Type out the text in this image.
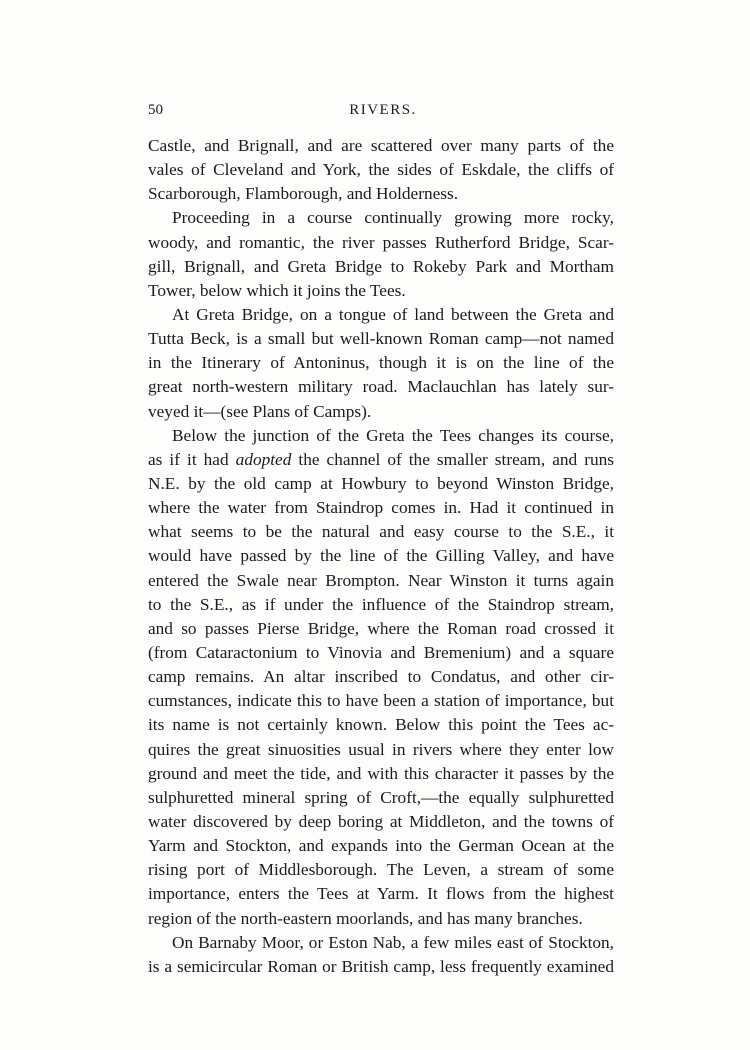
50	RIVERS.
Castle, and Brignall, and are scattered over many parts of the
vales of Cleveland and York, the sides of Eskdale, the cliffs of
Scarborough, Flamborough, and Holderness.
Proceeding in a course continually growing more rocky,
woody, and romantic, the river passes Rutherford Bridge, Scar-
gill, Brignall, and Greta Bridge to Rokeby Park and Mortham
Tower, below which it joins the Tees.
At Greta Bridge, on a tongue of land between the Greta and
Tutta Beck, is a small but well-known Roman camp—not named
in the Itinerary of Antoninus, though it is on the line of the
great north-western military road. Maclauchlan has lately sur-
veyed it—(see Plans of Camps).
Below the junction of the Greta the Tees changes its course,
as if it had adopted the channel of the smaller stream, and runs
N.E. by the old camp at Howbury to beyond Winston Bridge,
where the water from Staindrop comes in. Had it continued in
what seems to be the natural and easy course to the S.E., it
would have passed by the line of the Gilling Valley, and have
entered the Swale near Brompton. Near Winston it turns again
to the S.E., as if under the influence of the Staindrop stream,
and so passes Pierse Bridge, where the Roman road crossed it
(from Cataractonium to Vinovia and Bremenium) and a square
camp remains. An altar inscribed to Condatus, and other cir-
cumstances, indicate this to have been a station of importance, but
its name is not certainly known. Below this point the Tees ac-
quires the great sinuosities usual in rivers where they enter low
ground and meet the tide, and with this character it passes by the
sulphuretted mineral spring of Croft,—the equally sulphuretted
water discovered by deep boring at Middleton, and the towns of
Yarm and Stockton, and expands into the German Ocean at the
rising port of Middlesborough. The Leven, a stream of some
importance, enters the Tees at Yarm. It flows from the highest
region of the north-eastern moorlands, and has many branches.
On Barnaby Moor, or Eston Nab, a few miles east of Stockton,
is a semicircular Roman or British camp, less frequently examined
